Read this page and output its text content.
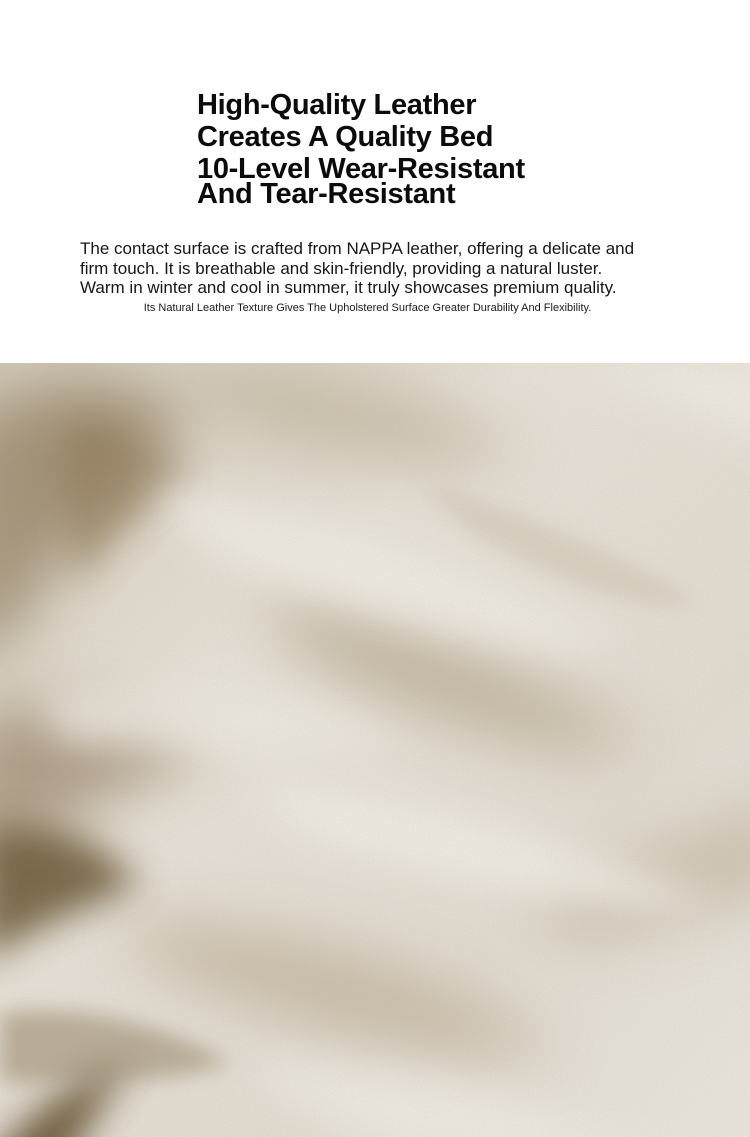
High-Quality Leather
Creates A Quality Bed
10-Level Wear-Resistant
And Tear-Resistant

The contact surface is crafted from NAPPA leather, offering a delicate and
firm touch. It is breathable and skin-friendly, providing a natural luster.
Warm in winter and cool in summer, it truly showcases premium quality.

Its Natural Leather Texture Gives The Upholstered Surface Greater Durability And Flexibility.
